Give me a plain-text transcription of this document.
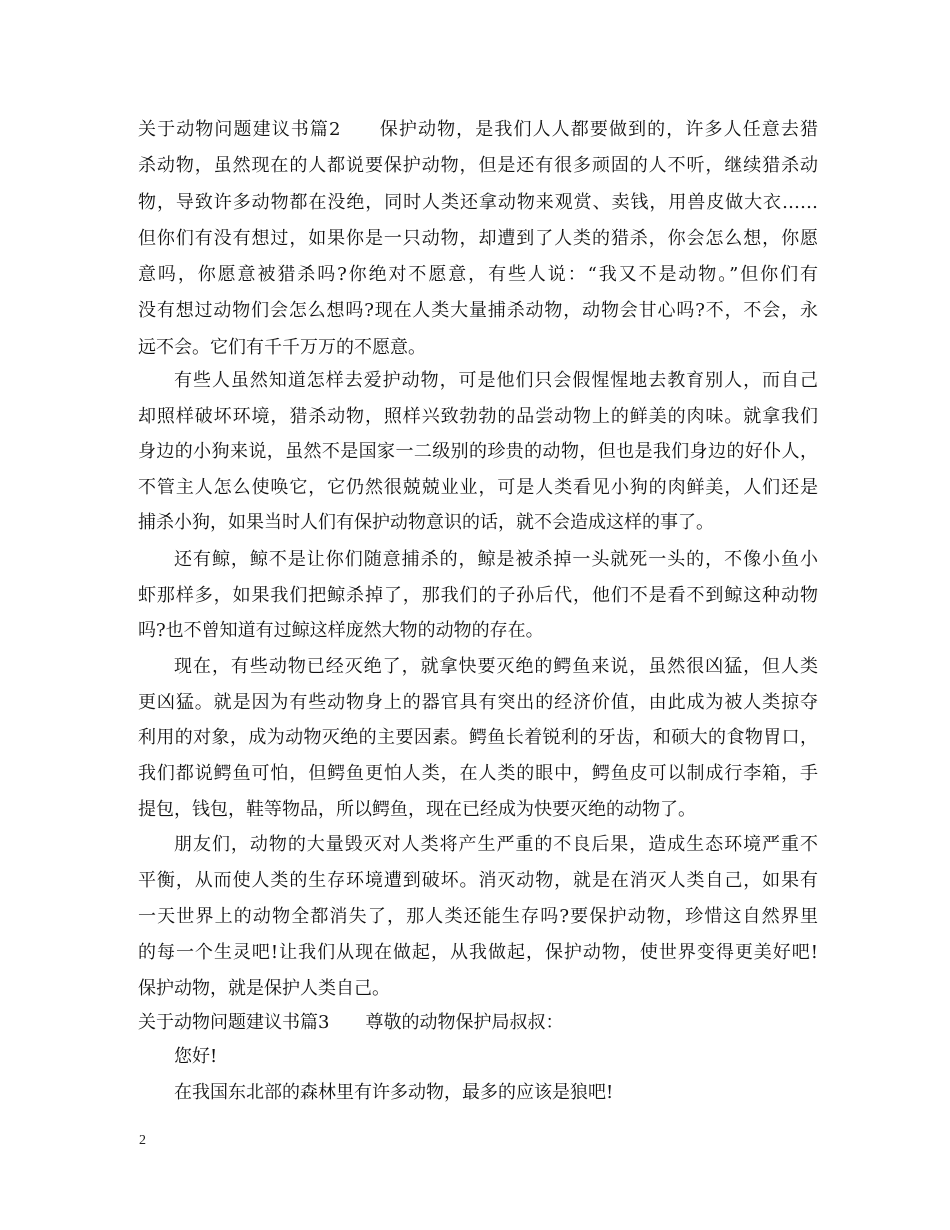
关于动物问题建议书篇2　　保护动物，是我们人人都要做到的，许多人任意去猎
杀动物，虽然现在的人都说要保护动物，但是还有很多顽固的人不听，继续猎杀动
物，导致许多动物都在没绝，同时人类还拿动物来观赏、卖钱，用兽皮做大衣……
但你们有没有想过，如果你是一只动物，却遭到了人类的猎杀，你会怎么想，你愿
意吗，你愿意被猎杀吗?你绝对不愿意，有些人说：“我又不是动物。”但你们有
没有想过动物们会怎么想吗?现在人类大量捕杀动物，动物会甘心吗?不，不会，永
远不会。它们有千千万万的不愿意。
有些人虽然知道怎样去爱护动物，可是他们只会假惺惺地去教育别人，而自己
却照样破坏环境，猎杀动物，照样兴致勃勃的品尝动物上的鲜美的肉味。就拿我们
身边的小狗来说，虽然不是国家一二级别的珍贵的动物，但也是我们身边的好仆人，
不管主人怎么使唤它，它仍然很兢兢业业，可是人类看见小狗的肉鲜美，人们还是
捕杀小狗，如果当时人们有保护动物意识的话，就不会造成这样的事了。
还有鲸，鲸不是让你们随意捕杀的，鲸是被杀掉一头就死一头的，不像小鱼小
虾那样多，如果我们把鲸杀掉了，那我们的子孙后代，他们不是看不到鲸这种动物
吗?也不曾知道有过鲸这样庞然大物的动物的存在。
现在，有些动物已经灭绝了，就拿快要灭绝的鳄鱼来说，虽然很凶猛，但人类
更凶猛。就是因为有些动物身上的器官具有突出的经济价值，由此成为被人类掠夺
利用的对象，成为动物灭绝的主要因素。鳄鱼长着锐利的牙齿，和硕大的食物胃口，
我们都说鳄鱼可怕，但鳄鱼更怕人类，在人类的眼中，鳄鱼皮可以制成行李箱，手
提包，钱包，鞋等物品，所以鳄鱼，现在已经成为快要灭绝的动物了。
朋友们，动物的大量毁灭对人类将产生严重的不良后果，造成生态环境严重不
平衡，从而使人类的生存环境遭到破坏。消灭动物，就是在消灭人类自己，如果有
一天世界上的动物全都消失了，那人类还能生存吗?要保护动物，珍惜这自然界里
的每一个生灵吧!让我们从现在做起，从我做起，保护动物，使世界变得更美好吧!
保护动物，就是保护人类自己。
关于动物问题建议书篇3　　尊敬的动物保护局叔叔：
您好!
在我国东北部的森林里有许多动物，最多的应该是狼吧!
2
